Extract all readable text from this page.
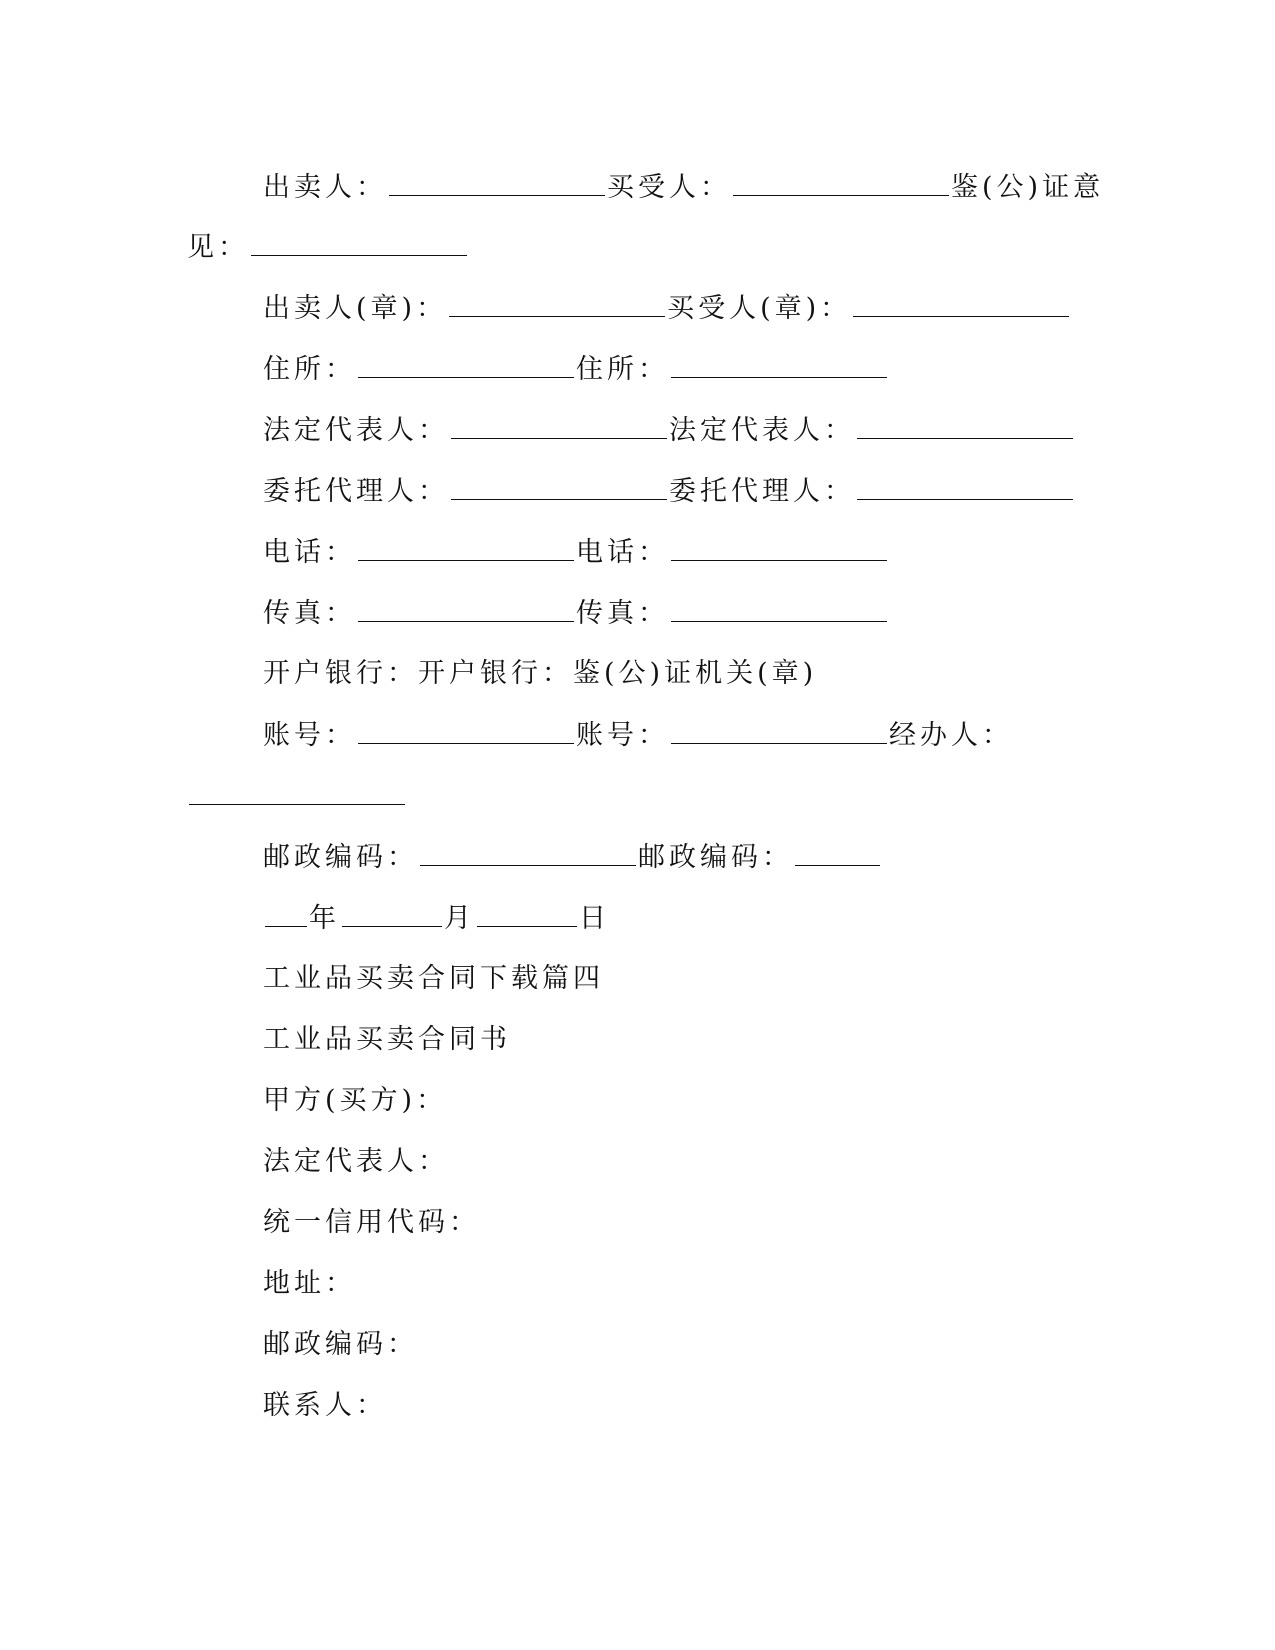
出卖人：	买受人：	鉴(公)证意
见：
出卖人(章)：	买受人(章)：
住所：	住所：
法定代表人：	法定代表人：
委托代理人：	委托代理人：
电话：	电话：
传真：	传真：
开户银行：开户银行：鉴(公)证机关(章)
账号：	账号：	经办人：
邮政编码：	邮政编码：
年	月	日
工业品买卖合同下载篇四
工业品买卖合同书
甲方(买方)：
法定代表人：
统一信用代码：
地址：
邮政编码：
联系人：
